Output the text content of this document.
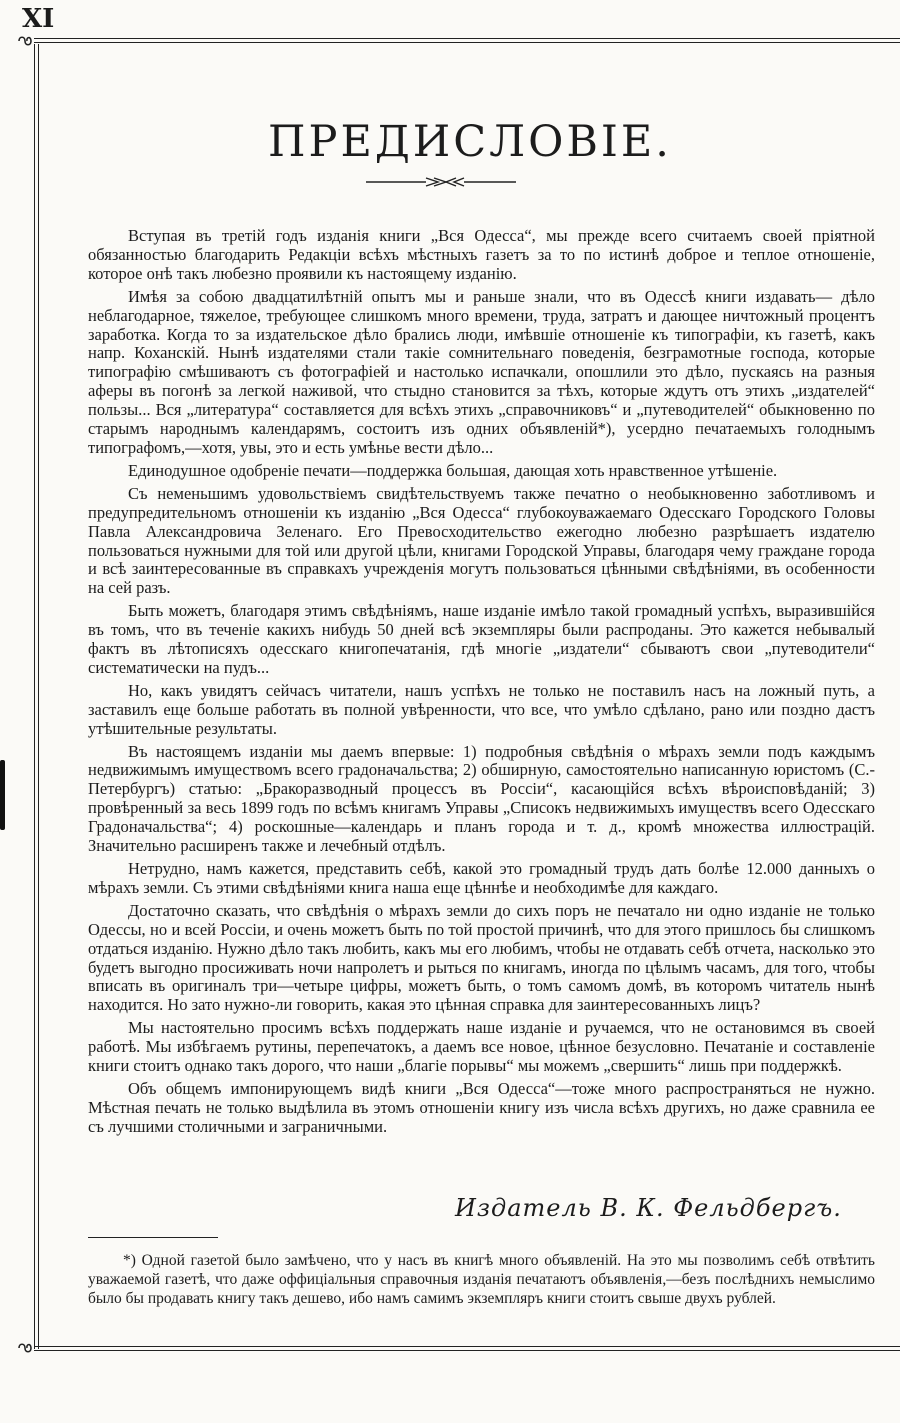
XI
ПРЕДИСЛОВІЕ.

Вступая въ третій годъ изданія книги „Вся Одесса“, мы прежде всего считаемъ своей пріятной обязанностью благодарить Редакціи всѣхъ мѣстныхъ газетъ за то по истинѣ доброе и теплое отношеніе, которое онѣ такъ любезно проявили къ настоящему изданію.

Имѣя за собою двадцатилѣтній опытъ мы и раньше знали, что въ Одессѣ книги издавать— дѣло неблагодарное, тяжелое, требующее слишкомъ много времени, труда, затратъ и дающее ничтожный процентъ заработка. Когда то за издательское дѣло брались люди, имѣвшіе отношеніе къ типографіи, къ газетѣ, какъ напр. Коханскій. Нынѣ издателями стали такіе сомнительнаго поведенія, безграмотные господа, которые типографію смѣшиваютъ съ фотографіей и настолько испачкали, опошлили это дѣло, пускаясь на разныя аферы въ погонѣ за легкой наживой, что стыдно становится за тѣхъ, которые ждутъ отъ этихъ „издателей“ пользы... Вся „литература“ составляется для всѣхъ этихъ „справочниковъ“ и „путеводителей“ обыкновенно по старымъ народнымъ календарямъ, состоитъ изъ одних объявленій*), усердно печатаемыхъ голоднымъ типографомъ,—хотя, увы, это и есть умѣнье вести дѣло...

Единодушное одобреніе печати—поддержка большая, дающая хоть нравственное утѣшеніе.

Съ неменьшимъ удовольствіемъ свидѣтельствуемъ также печатно о необыкновенно заботливомъ и предупредительномъ отношеніи къ изданію „Вся Одесса“ глубокоуважаемаго Одесскаго Городского Головы Павла Александровича Зеленаго. Его Превосходительство ежегодно любезно разрѣшаетъ издателю пользоваться нужными для той или другой цѣли, книгами Городской Управы, благодаря чему граждане города и всѣ заинтересованные въ справкахъ учрежденія могутъ пользоваться цѣнными свѣдѣніями, въ особенности на сей разъ.

Быть можетъ, благодаря этимъ свѣдѣніямъ, наше изданіе имѣло такой громадный успѣхъ, выразившійся въ томъ, что въ теченіе какихъ нибудь 50 дней всѣ экземпляры были распроданы. Это кажется небывалый фактъ въ лѣтописяхъ одесскаго книгопечатанія, гдѣ многіе „издатели“ сбываютъ свои „путеводители“ систематически на пудъ...

Но, какъ увидятъ сейчасъ читатели, нашъ успѣхъ не только не поставилъ насъ на ложный путь, а заставилъ еще больше работать въ полной увѣренности, что все, что умѣло сдѣлано, рано или поздно дастъ утѣшительные результаты.

Въ настоящемъ изданіи мы даемъ впервые: 1) подробныя свѣдѣнія о мѣрахъ земли подъ каждымъ недвижимымъ имуществомъ всего градоначальства; 2) обширную, самостоятельно написанную юристомъ (С.-Петербургъ) статью: „Бракоразводный процессъ въ Россіи“, касающійся всѣхъ вѣроисповѣданій; 3) провѣренный за весь 1899 годъ по всѣмъ книгамъ Управы „Списокъ недвижимыхъ имуществъ всего Одесскаго Градоначальства“; 4) роскошные—календарь и планъ города и т. д., кромѣ множества иллюстрацій. Значительно расширенъ также и лечебный отдѣлъ.

Нетрудно, намъ кажется, представить себѣ, какой это громадный трудъ дать болѣе 12.000 данныхъ о мѣрахъ земли. Съ этими свѣдѣніями книга наша еще цѣннѣе и необходимѣе для каждаго.

Достаточно сказать, что свѣдѣнія о мѣрахъ земли до сихъ поръ не печатало ни одно изданіе не только Одессы, но и всей Россіи, и очень можетъ быть по той простой причинѣ, что для этого пришлось бы слишкомъ отдаться изданію. Нужно дѣло такъ любить, какъ мы его любимъ, чтобы не отдавать себѣ отчета, насколько это будетъ выгодно просиживать ночи напролетъ и рыться по книгамъ, иногда по цѣлымъ часамъ, для того, чтобы вписать въ оригиналъ три—четыре цифры, можетъ быть, о томъ самомъ домѣ, въ которомъ читатель нынѣ находится. Но зато нужно-ли говорить, какая это цѣнная справка для заинтересованныхъ лицъ?

Мы настоятельно просимъ всѣхъ поддержать наше изданіе и ручаемся, что не остановимся въ своей работѣ. Мы избѣгаемъ рутины, перепечатокъ, а даемъ все новое, цѣнное безусловно. Печатаніе и составленіе книги стоитъ однако такъ дорого, что наши „благіе порывы“ мы можемъ „свершить“ лишь при поддержкѣ.

Объ общемъ импонирующемъ видѣ книги „Вся Одесса“—тоже много распространяться не нужно. Мѣстная печать не только выдѣлила въ этомъ отношеніи книгу изъ числа всѣхъ другихъ, но даже сравнила ее съ лучшими столичными и заграничными.

Издатель В. К. Фельдбергъ.

*) Одной газетой было замѣчено, что у насъ въ книгѣ много объявленій. На это мы позволимъ себѣ отвѣтить уважаемой газетѣ, что даже оффиціальныя справочныя изданія печатаютъ объявленія,—безъ послѣднихъ немыслимо было бы продавать книгу такъ дешево, ибо намъ самимъ экземпляръ книги стоитъ свыше двухъ рублей.
